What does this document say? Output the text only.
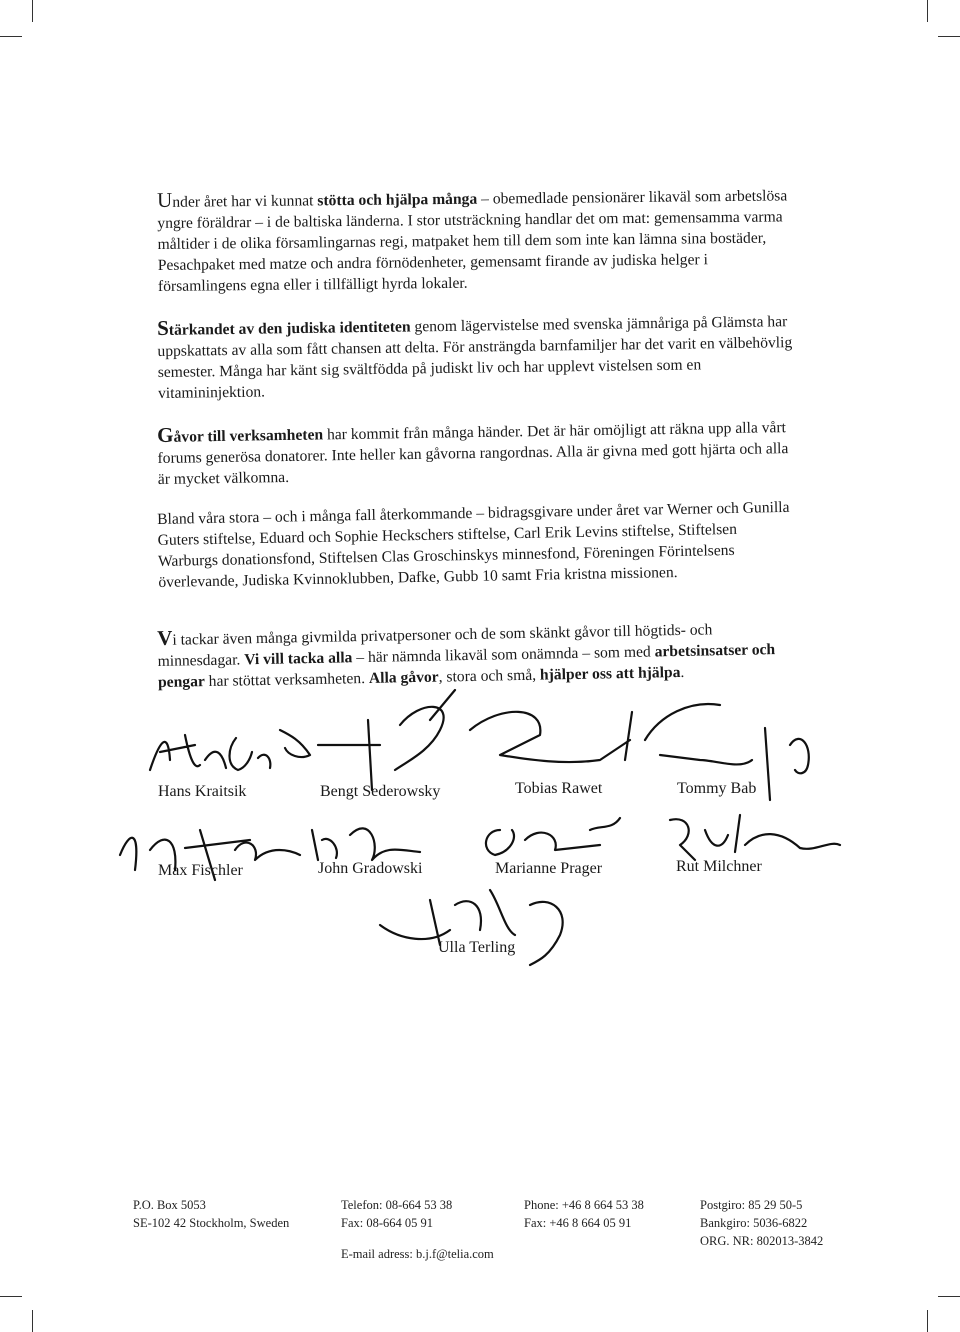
Under året har vi kunnat stötta och hjälpa många – obemedlade pensionärer likaväl som arbetslösa yngre föräldrar – i de baltiska länderna. I stor utsträckning handlar det om mat: gemensamma varma måltider i de olika församlingarnas regi, matpaket hem till dem som inte kan lämna sina bostäder, Pesachpaket med matze och andra förnödenheter, gemensamt firande av judiska helger i församlingens egna eller i tillfälligt hyrda lokaler.

Stärkandet av den judiska identiteten genom lägervistelse med svenska jämnåriga på Glämsta har uppskattats av alla som fått chansen att delta. För ansträngda barnfamiljer har det varit en välbehövlig semester. Många har känt sig svältfödda på judiskt liv och har upplevt vistelsen som en vitamininjektion.

Gåvor till verksamheten har kommit från många händer. Det är här omöjligt att räkna upp alla vårt forums generösa donatorer. Inte heller kan gåvorna rangordnas. Alla är givna med gott hjärta och alla är mycket välkomna.

Bland våra stora – och i många fall återkommande – bidragsgivare under året var Werner och Gunilla Guters stiftelse, Eduard och Sophie Heckschers stiftelse, Carl Erik Levins stiftelse, Stiftelsen Warburgs donationsfond, Stiftelsen Clas Groschinskys minnesfond, Föreningen Förintelsens överlevande, Judiska Kvinnoklubben, Dafke, Gubb 10 samt Fria kristna missionen.

Vi tackar även många givmilda privatpersoner och de som skänkt gåvor till högtids- och minnesdagar. Vi vill tacka alla – här nämnda likaväl som onämnda – som med arbetsinsatser och pengar har stöttat verksamheten. Alla gåvor, stora och små, hjälper oss att hjälpa.

Hans Kraitsik	Bengt Sederowsky	Tobias Rawet	Tommy Bab
Max Fischler	John Gradowski	Marianne Prager	Rut Milchner
Ulla Terling
P.O. Box 5053
SE-102 42 Stockholm, Sweden
Telefon: 08-664 53 38
Fax: 08-664 05 91
E-mail adress: b.j.f@telia.com
Phone: +46 8 664 53 38
Fax: +46 8 664 05 91
Postgiro: 85 29 50-5
Bankgiro: 5036-6822
ORG. NR: 802013-3842
